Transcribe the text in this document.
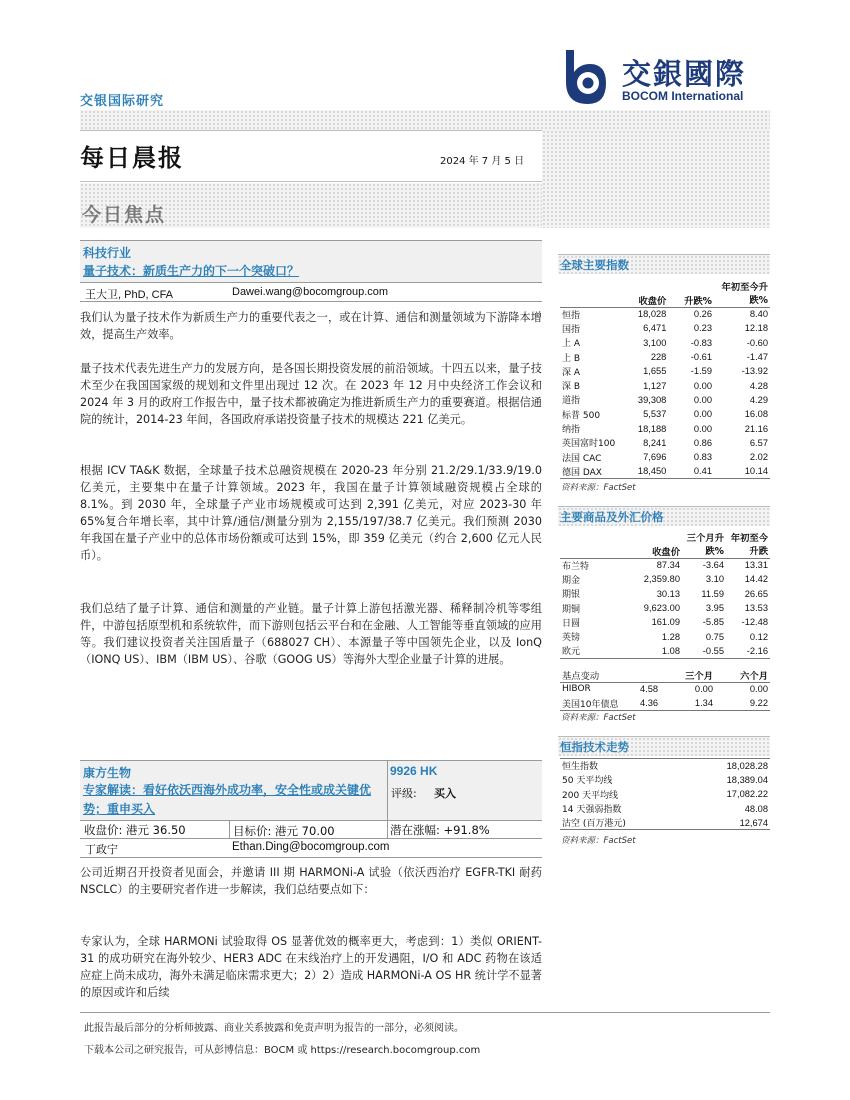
交银国际研究
交銀國際
BOCOM International
每日晨报	2024 年 7 月 5 日
今日焦点
科技行业
量子技术：新质生产力的下一个突破口？
王大卫, PhD, CFA	Dawei.wang@bocomgroup.com
我们认为量子技术作为新质生产力的重要代表之一，或在计算、通信和测量领域为下游降本增效，提高生产效率。
量子技术代表先进生产力的发展方向，是各国长期投资发展的前沿领域。十四五以来，量子技术至少在我国国家级的规划和文件里出现过 12 次。在 2023 年 12 月中央经济工作会议和 2024 年 3 月的政府工作报告中，量子技术都被确定为推进新质生产力的重要赛道。根据信通院的统计，2014-23 年间，各国政府承诺投资量子技术的规模达 221 亿美元。
根据 ICV TA&K 数据，全球量子技术总融资规模在 2020-23 年分别 21.2/29.1/33.9/19.0 亿美元，主要集中在量子计算领域。2023 年，我国在量子计算领域融资规模占全球的 8.1%。到 2030 年，全球量子产业市场规模或可达到 2,391 亿美元，对应 2023-30 年 65%复合年增长率，其中计算/通信/测量分别为 2,155/197/38.7 亿美元。我们预测 2030 年我国在量子产业中的总体市场份额或可达到 15%，即 359 亿美元（约合 2,600 亿元人民币）。
我们总结了量子计算、通信和测量的产业链。量子计算上游包括激光器、稀释制冷机等零组件，中游包括原型机和系统软件，而下游则包括云平台和在金融、人工智能等垂直领域的应用等。我们建议投资者关注国盾量子（688027 CH）、本源量子等中国领先企业，以及 IonQ（IONQ US）、IBM（IBM US）、谷歌（GOOG US）等海外大型企业量子计算的进展。
康方生物
专家解读：看好依沃西海外成功率，安全性或成关键优势；重申买入
9926 HK
评级: 买入
收盘价: 港元 36.50	目标价: 港元 70.00	潜在涨幅: +91.8%
丁政宁	Ethan.Ding@bocomgroup.com
公司近期召开投资者见面会，并邀请 III 期 HARMONi-A 试验（依沃西治疗 EGFR-TKI 耐药 NSCLC）的主要研究者作进一步解读，我们总结要点如下：
专家认为，全球 HARMONi 试验取得 OS 显著优效的概率更大，考虑到：1）类似 ORIENT-31 的成功研究在海外较少、HER3 ADC 在末线治疗上的开发遇阻，I/O 和 ADC 药物在该适应症上尚未成功，海外未满足临床需求更大；2）2）造成 HARMONi-A OS HR 统计学不显著的原因或许和后续
此报告最后部分的分析师披露、商业关系披露和免责声明为报告的一部分，必须阅读。
下载本公司之研究报告，可从彭博信息：BOCM 或 https://research.bocomgroup.com
全球主要指数
	收盘价	升跌%	年初至今升跌%
恒指	18,028	0.26	8.40
国指	6,471	0.23	12.18
上 A	3,100	-0.83	-0.60
上 B	228	-0.61	-1.47
深 A	1,655	-1.59	-13.92
深 B	1,127	0.00	4.28
道指	39,308	0.00	4.29
标普 500	5,537	0.00	16.08
纳指	18,188	0.00	21.16
英国富时100	8,241	0.86	6.57
法国 CAC	7,696	0.83	2.02
德国 DAX	18,450	0.41	10.14
资料来源：FactSet
主要商品及外汇价格
	收盘价	三个月升跌%	年初至今升跌
布兰特	87.34	-3.64	13.31
期金	2,359.80	3.10	14.42
期银	30.13	11.59	26.65
期铜	9,623.00	3.95	13.53
日圆	161.09	-5.85	-12.48
英镑	1.28	0.75	0.12
欧元	1.08	-0.55	-2.16
基点变动		三个月	六个月
HIBOR	4.58	0.00	0.00
美国10年债息	4.36	1.34	9.22
资料来源：FactSet
恒指技术走势
恒生指数	18,028.28
50 天平均线	18,389.04
200 天平均线	17,082.22
14 天强弱指数	48.08
沽空 (百万港元)	12,674
资料来源：FactSet
